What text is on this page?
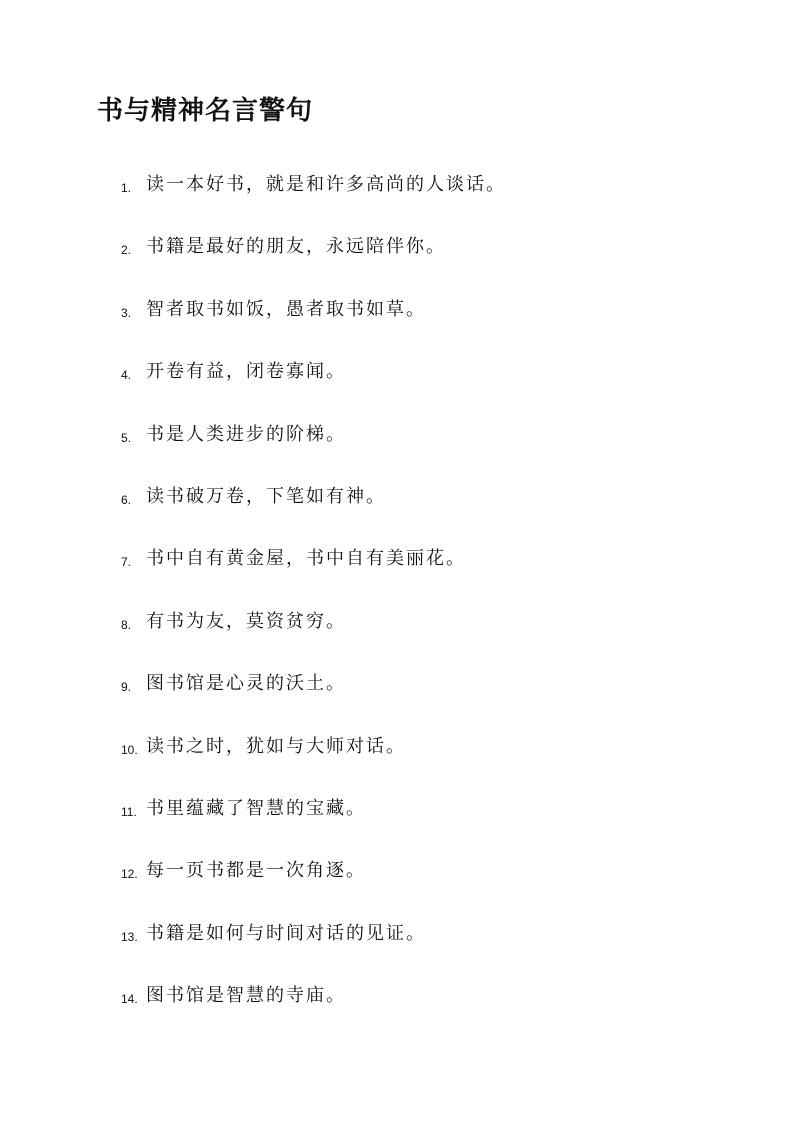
书与精神名言警句
1. 读一本好书，就是和许多高尚的人谈话。
2. 书籍是最好的朋友，永远陪伴你。
3. 智者取书如饭，愚者取书如草。
4. 开卷有益，闭卷寡闻。
5. 书是人类进步的阶梯。
6. 读书破万卷，下笔如有神。
7. 书中自有黄金屋，书中自有美丽花。
8. 有书为友，莫资贫穷。
9. 图书馆是心灵的沃土。
10. 读书之时，犹如与大师对话。
11. 书里蕴藏了智慧的宝藏。
12. 每一页书都是一次角逐。
13. 书籍是如何与时间对话的见证。
14. 图书馆是智慧的寺庙。
